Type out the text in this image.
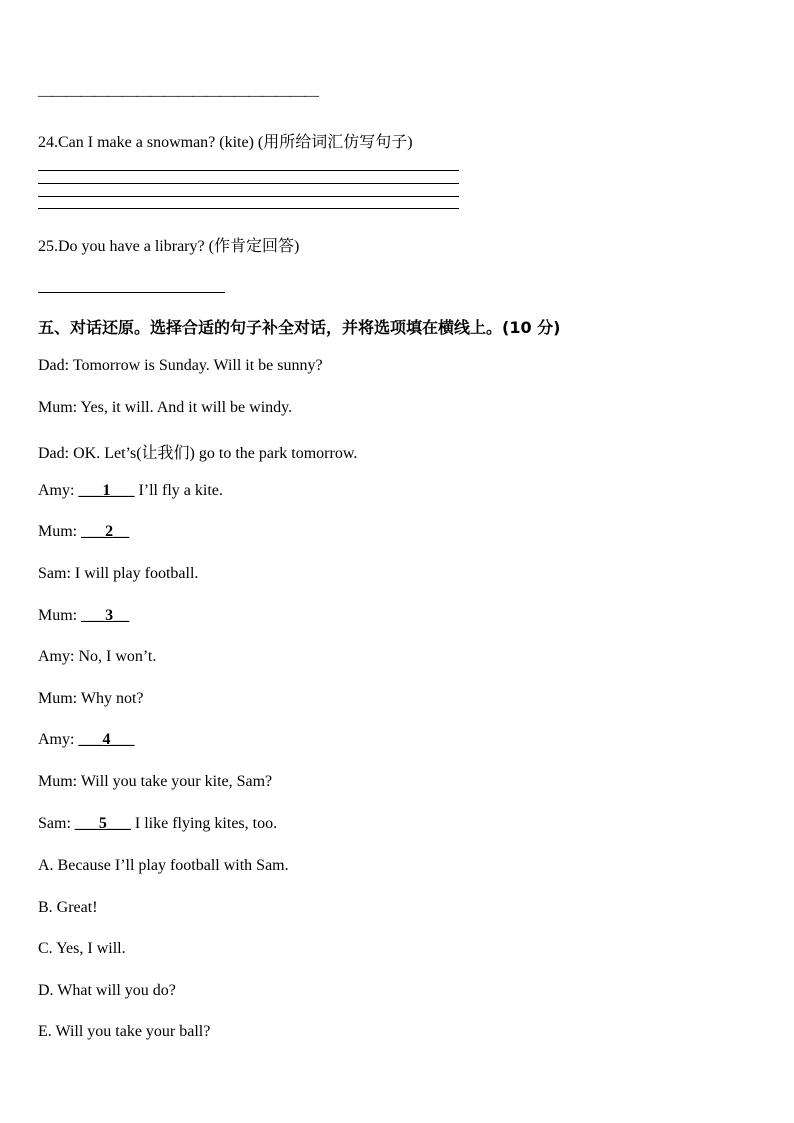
————————————————————
24.Can I make a snowman? (kite) (用所给词汇仿写句子)
25.Do you have a library? (作肯定回答)
五、对话还原。选择合适的句子补全对话，并将选项填在横线上。(10 分)
Dad: Tomorrow is Sunday. Will it be sunny?
Mum: Yes, it will. And it will be windy.
Dad: OK. Let’s(让我们) go to the park tomorrow.
Amy: ___1___ I’ll fly a kite.
Mum: ___2__
Sam: I will play football.
Mum: ___3__
Amy: No, I won’t.
Mum: Why not?
Amy: ___4___
Mum: Will you take your kite, Sam?
Sam: ___5___ I like flying kites, too.
A. Because I’ll play football with Sam.
B. Great!
C. Yes, I will.
D. What will you do?
E. Will you take your ball?
